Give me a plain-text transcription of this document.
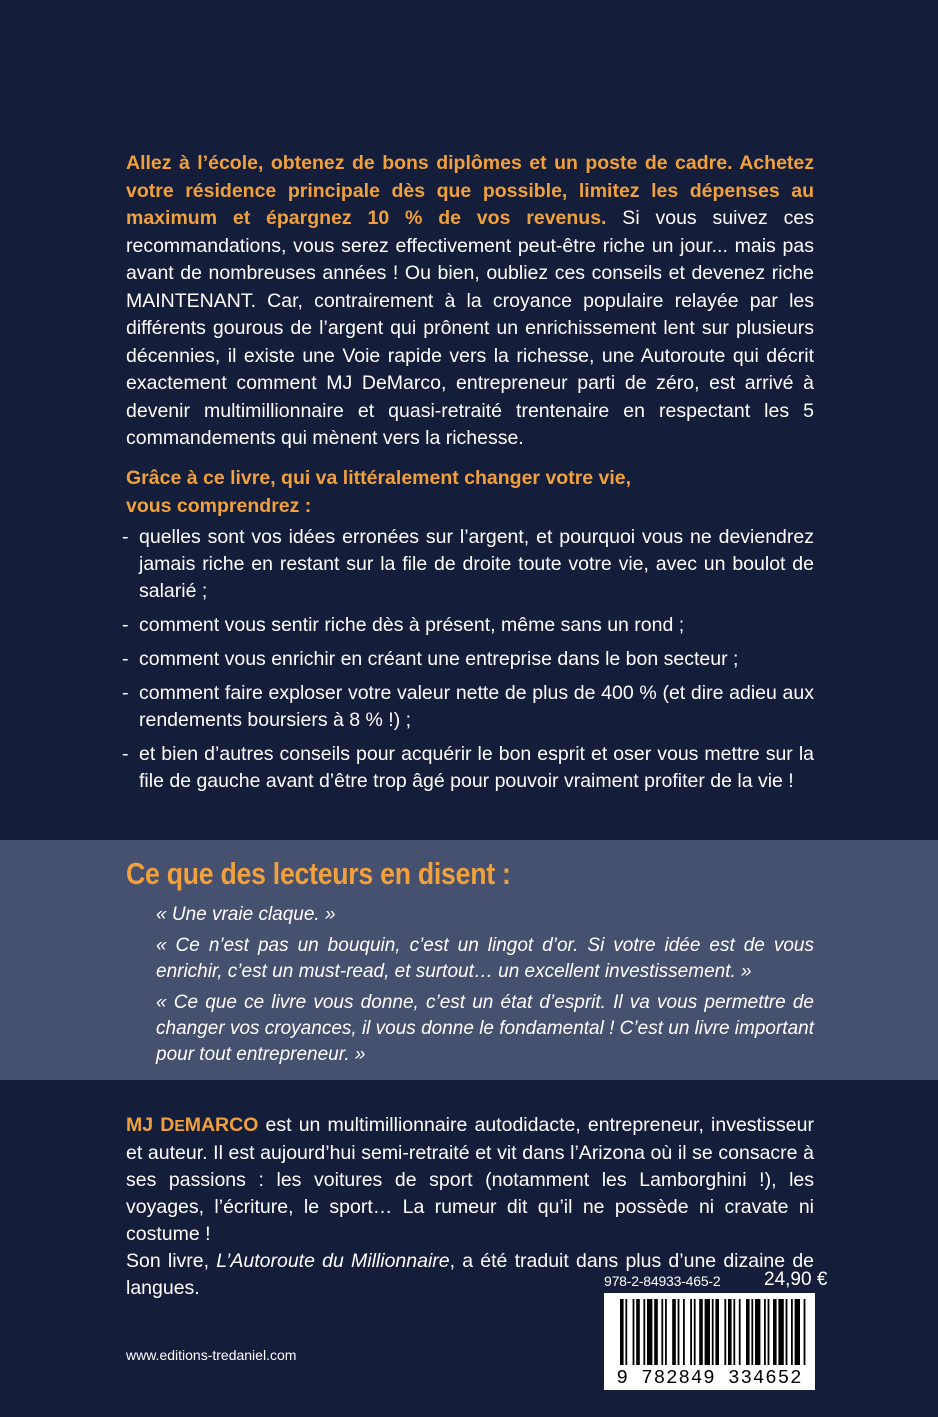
Allez à l’école, obtenez de bons diplômes et un poste de cadre. Achetez votre résidence principale dès que possible, limitez les dépenses au maximum et épargnez 10 % de vos revenus. Si vous suivez ces recommandations, vous serez effectivement peut-être riche un jour... mais pas avant de nombreuses années ! Ou bien, oubliez ces conseils et devenez riche MAINTENANT. Car, contrairement à la croyance populaire relayée par les différents gourous de l’argent qui prônent un enrichissement lent sur plusieurs décennies, il existe une Voie rapide vers la richesse, une Autoroute qui décrit exactement comment MJ DeMarco, entrepreneur parti de zéro, est arrivé à devenir multimillionnaire et quasi-retraité trentenaire en respectant les 5 commandements qui mènent vers la richesse.

Grâce à ce livre, qui va littéralement changer votre vie,
vous comprendrez :
- quelles sont vos idées erronées sur l’argent, et pourquoi vous ne deviendrez jamais riche en restant sur la file de droite toute votre vie, avec un boulot de salarié ;
- comment vous sentir riche dès à présent, même sans un rond ;
- comment vous enrichir en créant une entreprise dans le bon secteur ;
- comment faire exploser votre valeur nette de plus de 400 % (et dire adieu aux rendements boursiers à 8 % !) ;
- et bien d’autres conseils pour acquérir le bon esprit et oser vous mettre sur la file de gauche avant d’être trop âgé pour pouvoir vraiment profiter de la vie !
Ce que des lecteurs en disent :
« Une vraie claque. »
« Ce n’est pas un bouquin, c’est un lingot d’or. Si votre idée est de vous enrichir, c’est un must-read, et surtout… un excellent investissement. »
« Ce que ce livre vous donne, c’est un état d’esprit. Il va vous permettre de changer vos croyances, il vous donne le fondamental ! C’est un livre important pour tout entrepreneur. »
MJ DEMARCO est un multimillionnaire autodidacte, entrepreneur, investisseur et auteur. Il est aujourd’hui semi-retraité et vit dans l’Arizona où il se consacre à ses passions : les voitures de sport (notamment les Lamborghini !), les voyages, l’écriture, le sport… La rumeur dit qu’il ne possède ni cravate ni costume !
Son livre, L’Autoroute du Millionnaire, a été traduit dans plus d’une dizaine de langues.	978-2-84933-465-2 24,90 €
9 782849 334652
www.editions-tredaniel.com
